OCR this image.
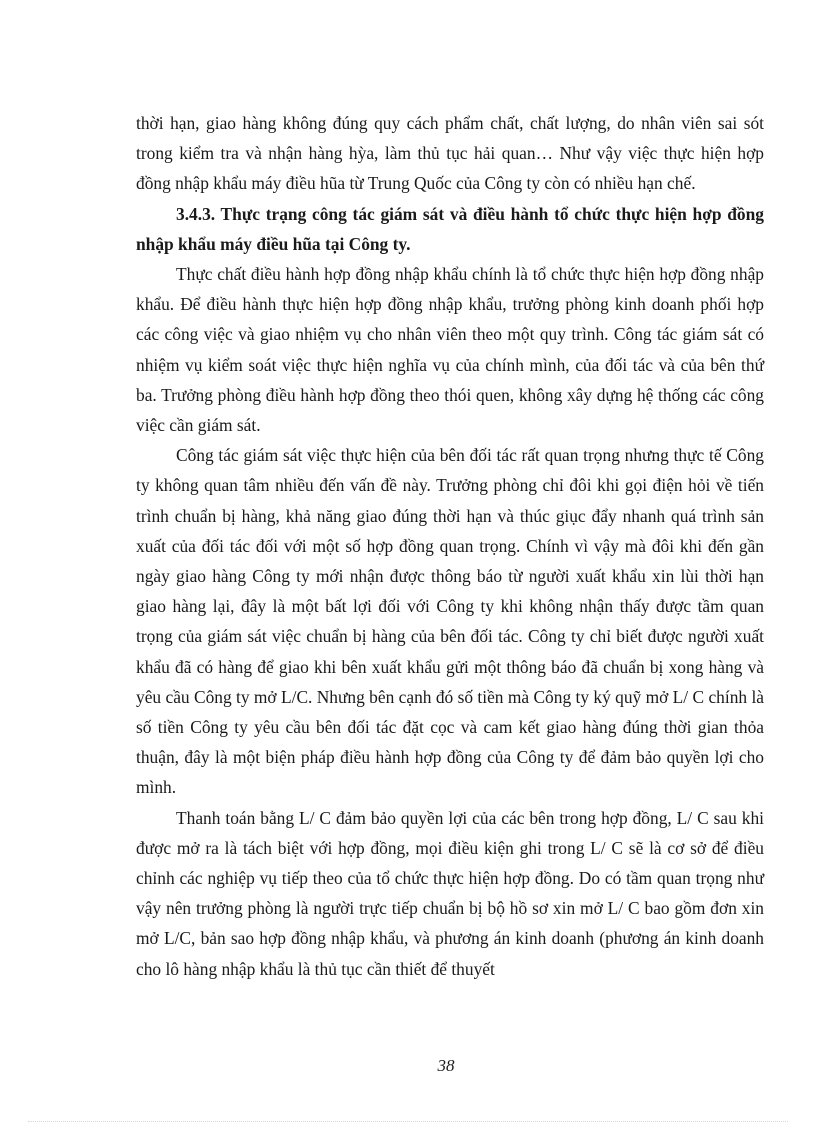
thời hạn, giao hàng không đúng quy cách phẩm chất, chất lượng, do nhân viên sai sót trong kiểm tra và nhận hàng hỳa, làm thủ tục hải quan… Như vậy việc thực hiện hợp đồng nhập khẩu máy điều hũa từ Trung Quốc của Công ty còn có nhiều hạn chế.

3.4.3. Thực trạng công tác giám sát và điều hành tổ chức thực hiện hợp đồng nhập khẩu máy điều hũa tại Công ty.

Thực chất điều hành hợp đồng nhập khẩu chính là tổ chức thực hiện hợp đồng nhập khẩu. Để điều hành thực hiện hợp đồng nhập khẩu, trưởng phòng kinh doanh phối hợp các công việc và giao nhiệm vụ cho nhân viên theo một quy trình. Công tác giám sát có nhiệm vụ kiểm soát việc thực hiện nghĩa vụ của chính mình, của đối tác và của bên thứ ba. Trưởng phòng điều hành hợp đồng theo thói quen, không xây dựng hệ thống các công việc cần giám sát.

Công tác giám sát việc thực hiện của bên đối tác rất quan trọng nhưng thực tế Công ty không quan tâm nhiều đến vấn đề này. Trưởng phòng chỉ đôi khi gọi điện hỏi về tiến trình chuẩn bị hàng, khả năng giao đúng thời hạn và thúc giục đẩy nhanh quá trình sản xuất của đối tác đối với một số hợp đồng quan trọng. Chính vì vậy mà đôi khi đến gần ngày giao hàng Công ty mới nhận được thông báo từ người xuất khẩu xin lùi thời hạn giao hàng lại, đây là một bất lợi đối với Công ty khi không nhận thấy được tầm quan trọng của giám sát việc chuẩn bị hàng của bên đối tác. Công ty chỉ biết được người xuất khẩu đã có hàng để giao khi bên xuất khẩu gửi một thông báo đã chuẩn bị xong hàng và yêu cầu Công ty mở L/C. Nhưng bên cạnh đó số tiền mà Công ty ký quỹ mở L/ C chính là số tiền Công ty yêu cầu bên đối tác đặt cọc và cam kết giao hàng đúng thời gian thỏa thuận, đây là một biện pháp điều hành hợp đồng của Công ty để đảm bảo quyền lợi cho mình.

Thanh toán bằng L/ C đảm bảo quyền lợi của các bên trong hợp đồng, L/ C sau khi được mở ra là tách biệt với hợp đồng, mọi điều kiện ghi trong L/ C sẽ là cơ sở để điều chỉnh các nghiệp vụ tiếp theo của tổ chức thực hiện hợp đồng. Do có tầm quan trọng như vậy nên trưởng phòng là người trực tiếp chuẩn bị bộ hồ sơ xin mở L/ C bao gồm đơn xin mở L/C, bản sao hợp đồng nhập khẩu, và phương án kinh doanh (phương án kinh doanh cho lô hàng nhập khẩu là thủ tục cần thiết để thuyết

38
